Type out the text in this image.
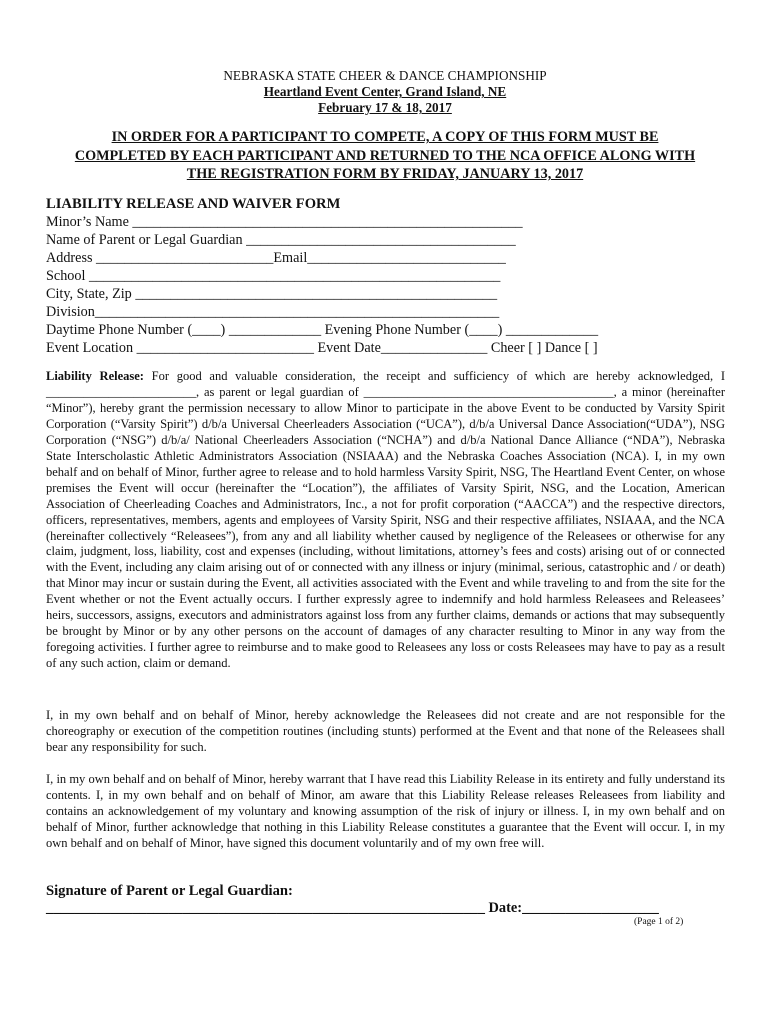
NEBRASKA STATE CHEER & DANCE CHAMPIONSHIP
Heartland Event Center, Grand Island, NE
February 17 & 18, 2017
IN ORDER FOR A PARTICIPANT TO COMPETE, A COPY OF THIS FORM MUST BE
COMPLETED BY EACH PARTICIPANT AND RETURNED TO THE NCA OFFICE ALONG WITH
THE REGISTRATION FORM BY FRIDAY, JANUARY 13, 2017
LIABILITY RELEASE AND WAIVER FORM
Minor’s Name _______________________________________________________
Name of Parent or Legal Guardian ______________________________________
Address _________________________Email____________________________
School __________________________________________________________
City, State, Zip ___________________________________________________
Division_________________________________________________________
Daytime Phone Number (____) _____________ Evening Phone Number (____) _____________
Event Location _________________________ Event Date_______________ Cheer [ ] Dance [ ]
Liability Release: For good and valuable consideration, the receipt and sufficiency of which are hereby acknowledged, I ________________________, as parent or legal guardian of ________________________________________, a minor (hereinafter “Minor”), hereby grant the permission necessary to allow Minor to participate in the above Event to be conducted by Varsity Spirit Corporation (“Varsity Spirit”) d/b/a Universal Cheerleaders Association (“UCA”), d/b/a Universal Dance Association(“UDA”), NSG Corporation (“NSG”) d/b/a/ National Cheerleaders Association (“NCHA”) and d/b/a National Dance Alliance (“NDA”), Nebraska State Interscholastic Athletic Administrators Association (NSIAAA) and the Nebraska Coaches Association (NCA). I, in my own behalf and on behalf of Minor, further agree to release and to hold harmless Varsity Spirit, NSG, The Heartland Event Center, on whose premises the Event will occur (hereinafter the “Location”), the affiliates of Varsity Spirit, NSG, and the Location, American Association of Cheerleading Coaches and Administrators, Inc., a not for profit corporation (“AACCA”) and the respective directors, officers, representatives, members, agents and employees of Varsity Spirit, NSG and their respective affiliates, NSIAAA, and the NCA (hereinafter collectively “Releasees”), from any and all liability whether caused by negligence of the Releasees or otherwise for any claim, judgment, loss, liability, cost and expenses (including, without limitations, attorney’s fees and costs) arising out of or connected with the Event, including any claim arising out of or connected with any illness or injury (minimal, serious, catastrophic and / or death) that Minor may incur or sustain during the Event, all activities associated with the Event and while traveling to and from the site for the Event whether or not the Event actually occurs. I further expressly agree to indemnify and hold harmless Releasees and Releasees’ heirs, successors, assigns, executors and administrators against loss from any further claims, demands or actions that may subsequently be brought by Minor or by any other persons on the account of damages of any character resulting to Minor in any way from the foregoing activities. I further agree to reimburse and to make good to Releasees any loss or costs Releasees may have to pay as a result of any such action, claim or demand.
I, in my own behalf and on behalf of Minor, hereby acknowledge the Releasees did not create and are not responsible for the choreography or execution of the competition routines (including stunts) performed at the Event and that none of the Releasees shall bear any responsibility for such.
I, in my own behalf and on behalf of Minor, hereby warrant that I have read this Liability Release in its entirety and fully understand its contents. I, in my own behalf and on behalf of Minor, am aware that this Liability Release releases Releasees from liability and contains an acknowledgement of my voluntary and knowing assumption of the risk of injury or illness. I, in my own behalf and on behalf of Minor, further acknowledge that nothing in this Liability Release constitutes a guarantee that the Event will occur. I, in my own behalf and on behalf of Minor, have signed this document voluntarily and of my own free will.
Signature of Parent or Legal Guardian:
_____________________________________________________________ Date:___________________
(Page 1 of 2)
